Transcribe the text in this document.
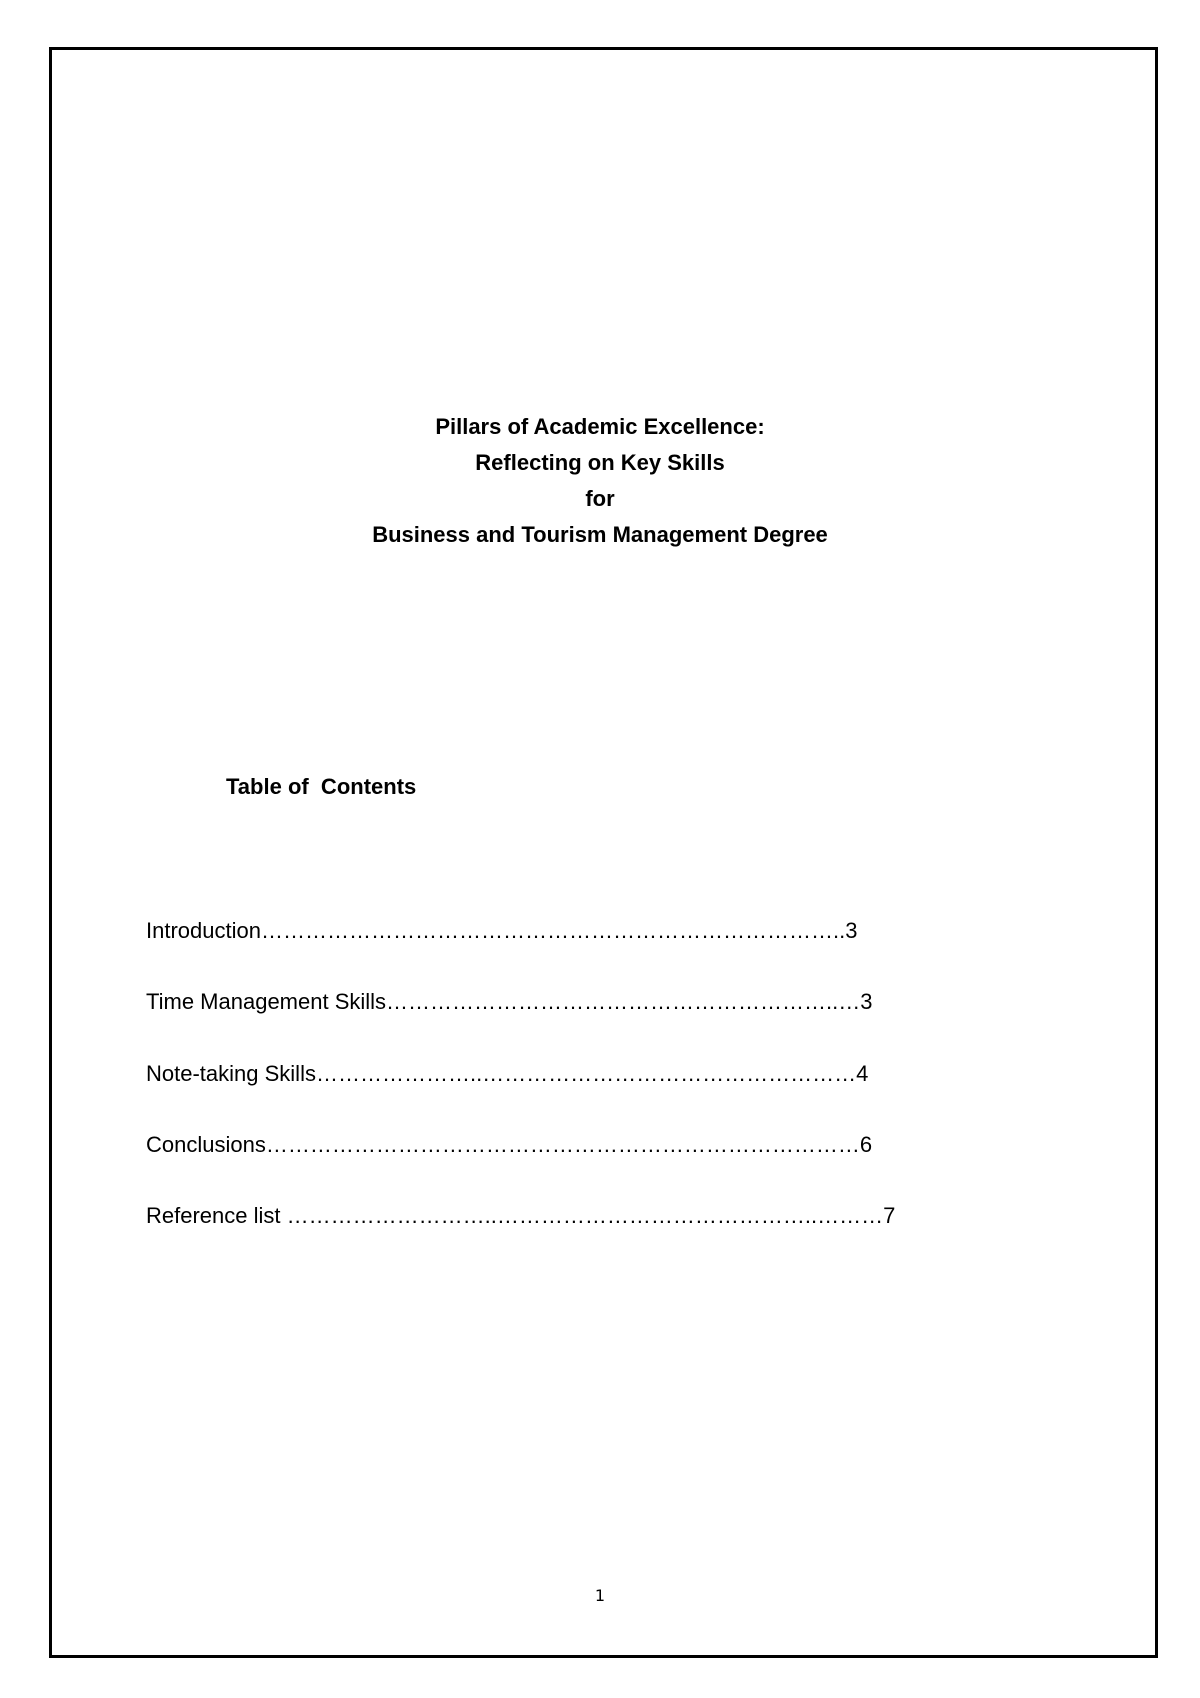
Pillars of Academic Excellence:
Reflecting on Key Skills
for
Business and Tourism Management Degree
Table of  Contents
Introduction……………………………………………………………………..3
Time Management Skills……………………………………………………..…3
Note-taking Skills…………………..……………………………………………4
Conclusions………………………………………………………………………6
Reference list ………………………..……………………………………..………7
1
